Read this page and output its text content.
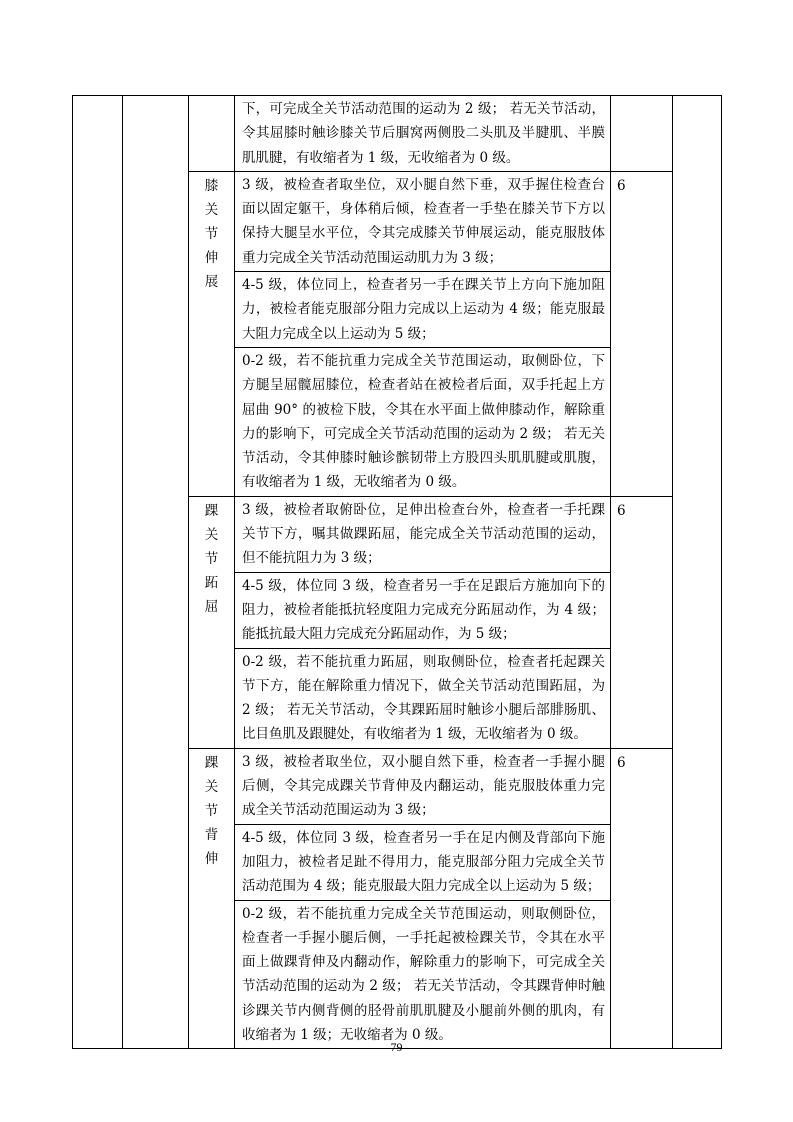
			下，可完成全关节活动范围的运动为 2 级； 若无关节活动，令其屈膝时触诊膝关节后腘窝两侧股二头肌及半腱肌、半膜肌肌腱，有收缩者为 1 级，无收缩者为 0 级。		

		膝
关
节
伸
展	3 级，被检查者取坐位，双小腿自然下垂，双手握住检查台面以固定躯干，身体稍后倾，检查者一手垫在膝关节下方以保持大腿呈水平位，令其完成膝关节伸展运动，能克服肢体重力完成全关节活动范围运动肌力为 3 级；	6	
			4-5 级，体位同上，检查者另一手在踝关节上方向下施加阻力，被检者能克服部分阻力完成以上运动为 4 级；能克服最大阻力完成全以上运动为 5 级；		
			0-2 级，若不能抗重力完成全关节范围运动，取侧卧位，下方腿呈屈髋屈膝位，检查者站在被检者后面，双手托起上方屈曲 90° 的被检下肢，令其在水平面上做伸膝动作，解除重力的影响下，可完成全关节活动范围的运动为 2 级； 若无关节活动，令其伸膝时触诊髌韧带上方股四头肌肌腱或肌腹，有收缩者为 1 级，无收缩者为 0 级。		

		踝
关
节
跖
屈	3 级，被检者取俯卧位，足伸出检查台外，检查者一手托踝关节下方，嘱其做踝跖屈，能完成全关节活动范围的运动，但不能抗阻力为 3 级；	6	
			4-5 级，体位同 3 级，检查者另一手在足跟后方施加向下的阻力，被检者能抵抗轻度阻力完成充分跖屈动作，为 4 级；能抵抗最大阻力完成充分跖屈动作，为 5 级；		
			0-2 级，若不能抗重力跖屈，则取侧卧位，检查者托起踝关节下方，能在解除重力情况下，做全关节活动范围跖屈，为 2 级； 若无关节活动，令其踝跖屈时触诊小腿后部腓肠肌、比目鱼肌及跟腱处，有收缩者为 1 级，无收缩者为 0 级。		

		踝
关
节
背
伸	3 级，被检者取坐位，双小腿自然下垂，检查者一手握小腿后侧，令其完成踝关节背伸及内翻运动，能克服肢体重力完成全关节活动范围运动为 3 级；	6	
			4-5 级，体位同 3 级，检查者另一手在足内侧及背部向下施加阻力，被检者足趾不得用力，能克服部分阻力完成全关节活动范围为 4 级；能克服最大阻力完成全以上运动为 5 级；		
			0-2 级，若不能抗重力完成全关节范围运动，则取侧卧位，检查者一手握小腿后侧，一手托起被检踝关节，令其在水平面上做踝背伸及内翻动作，解除重力的影响下，可完成全关节活动范围的运动为 2 级； 若无关节活动，令其踝背伸时触诊踝关节内侧背侧的胫骨前肌肌腱及小腿前外侧的肌肉，有收缩者为 1 级；无收缩者为 0 级。		
79
